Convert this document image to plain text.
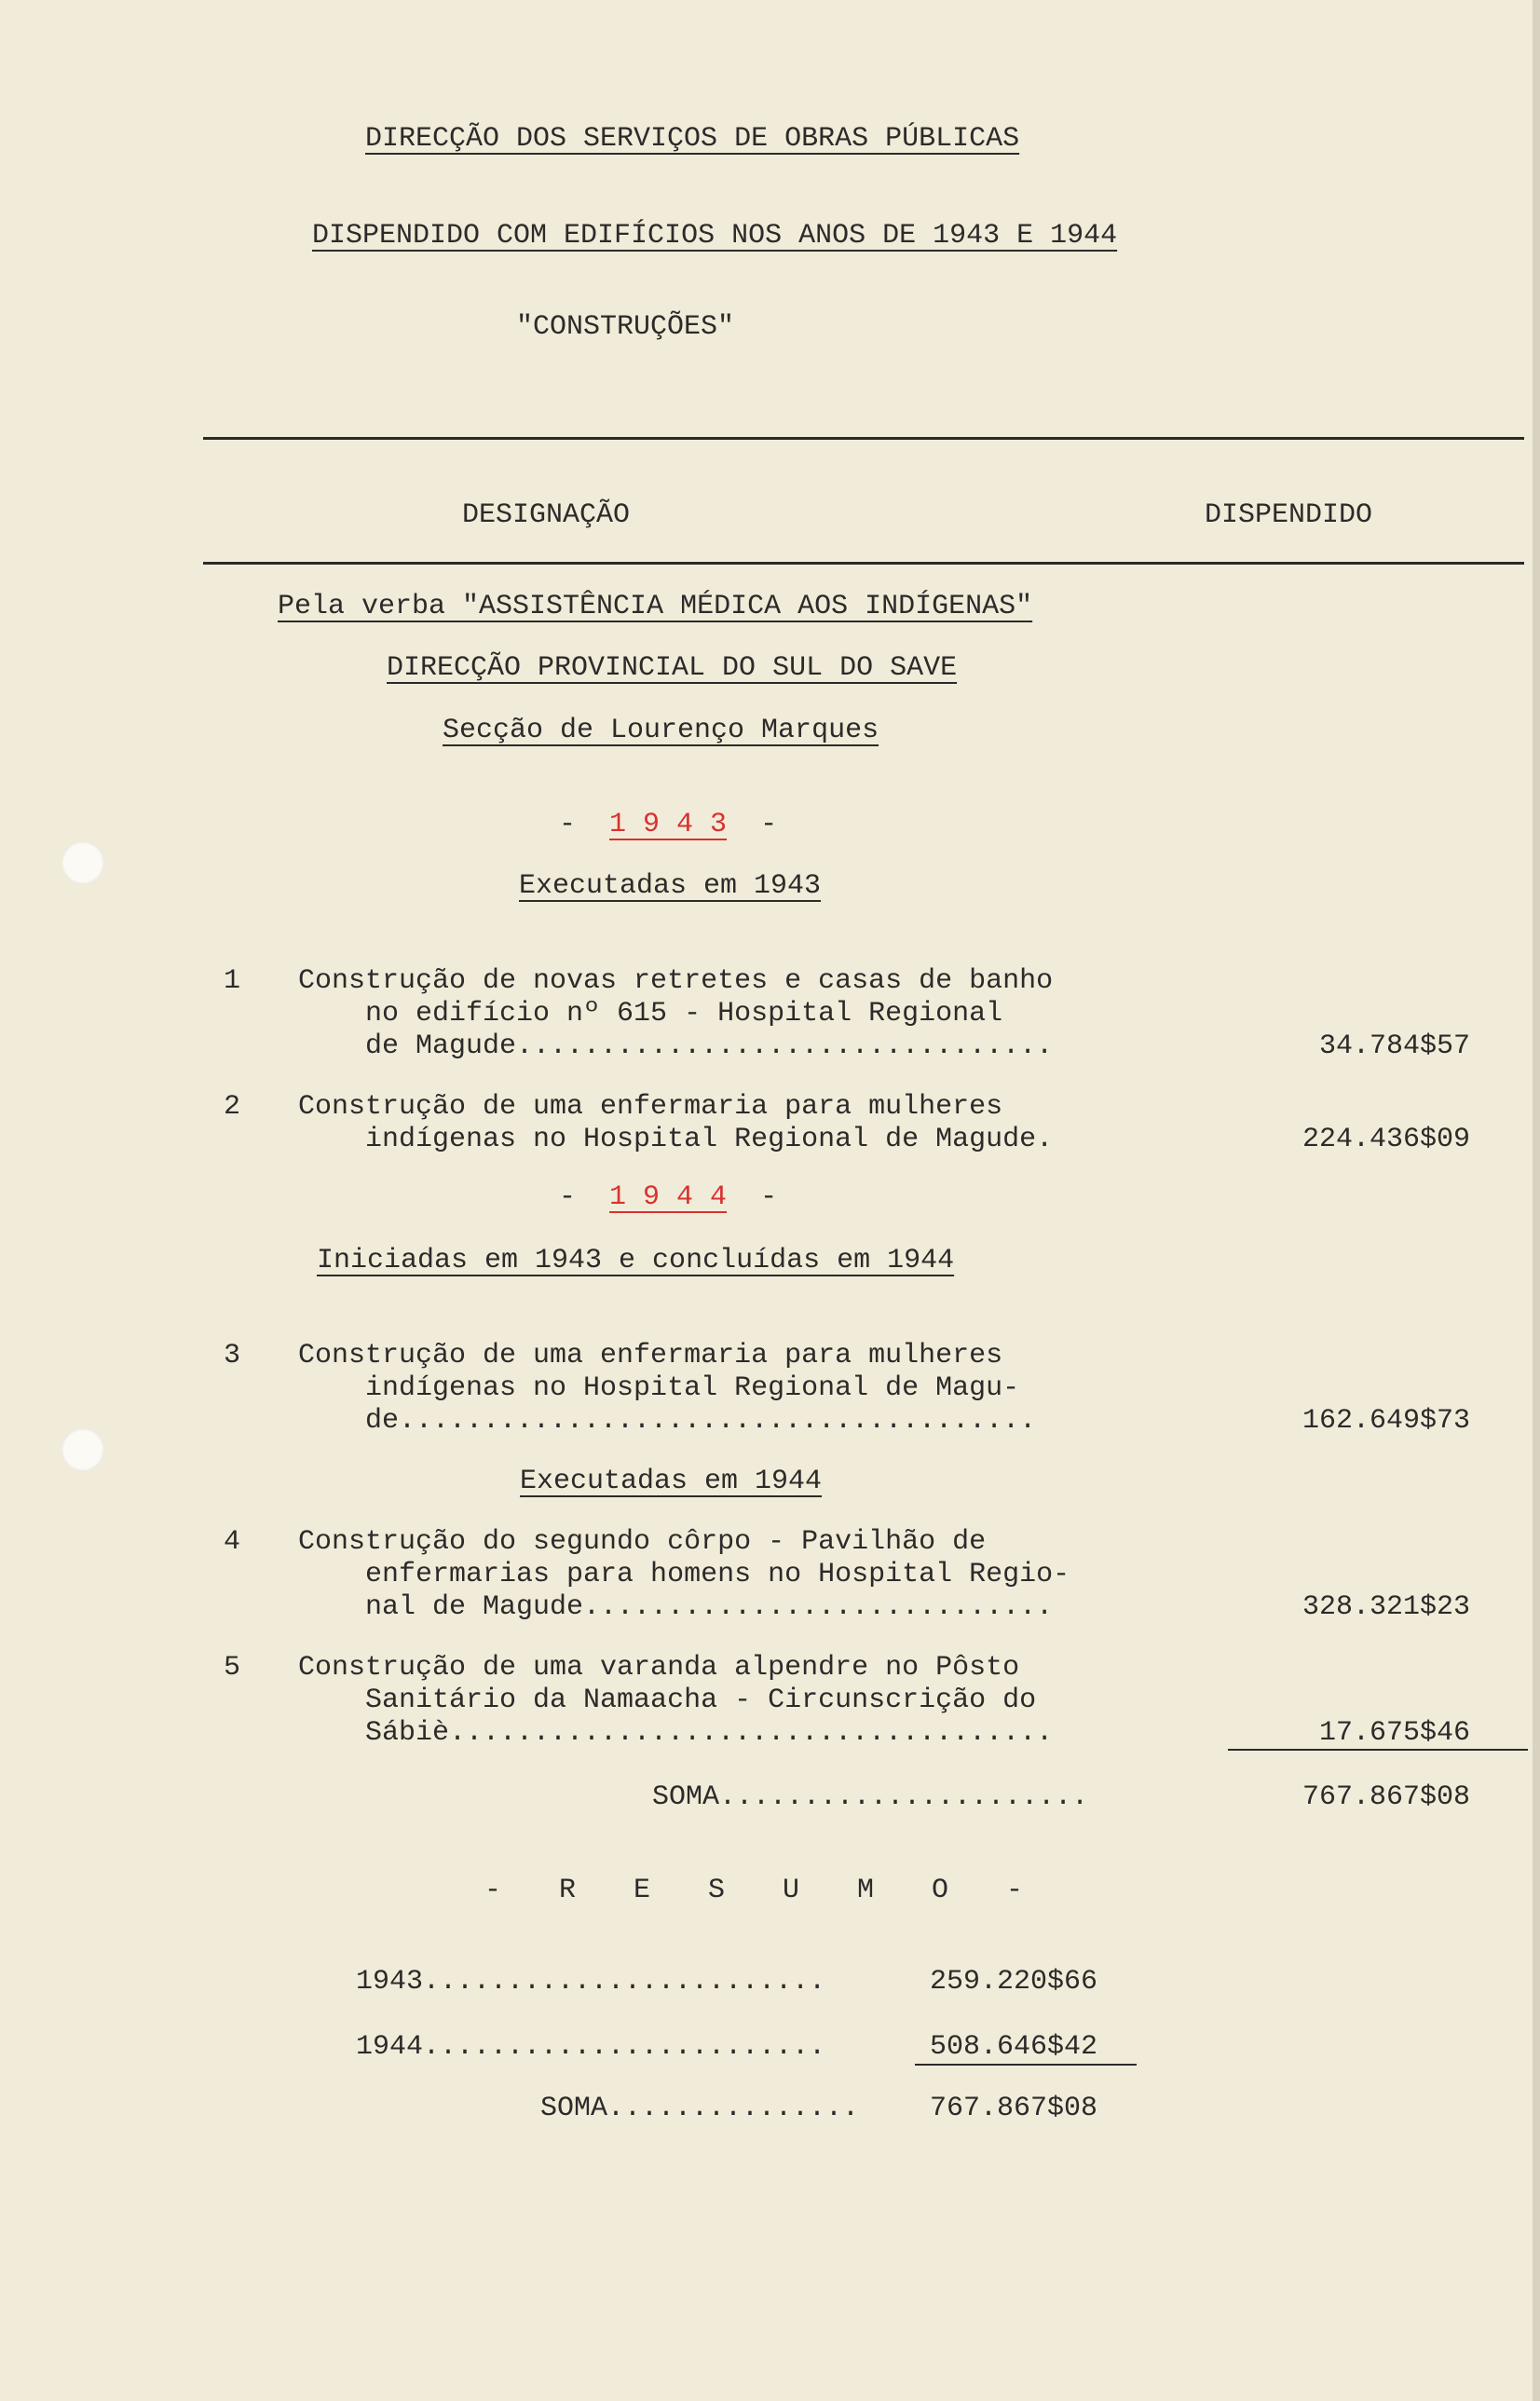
DIRECÇÃO DOS SERVIÇOS DE OBRAS PÚBLICAS
DISPENDIDO COM EDIFÍCIOS NOS ANOS DE 1943 E 1944
"CONSTRUÇÕES"
DESIGNAÇÃO	DISPENDIDO
Pela verba "ASSISTÊNCIA MÉDICA AOS INDÍGENAS"
DIRECÇÃO PROVINCIAL DO SUL DO SAVE
Secção de Lourenço Marques
- 1 9 4 3 -
Executadas em 1943
1 Construção de novas retretes e casas de banho
no edifício nº 615 - Hospital Regional
de Magude................................	34.784$57
2 Construção de uma enfermaria para mulheres
indígenas no Hospital Regional de Magude.	224.436$09
- 1 9 4 4 -
Iniciadas em 1943 e concluídas em 1944
3 Construção de uma enfermaria para mulheres
indígenas no Hospital Regional de Magu-
de......................................	162.649$73
Executadas em 1944
4 Construção do segundo côrpo - Pavilhão de
enfermarias para homens no Hospital Regio-
nal de Magude............................	328.321$23
5 Construção de uma varanda alpendre no Pôsto
Sanitário da Namaacha - Circunscrição do
Sábiè....................................	17.675$46
SOMA......................	767.867$08
- R E S U M O -
1943........................	259.220$66
1944........................	508.646$42
SOMA...............	767.867$08
